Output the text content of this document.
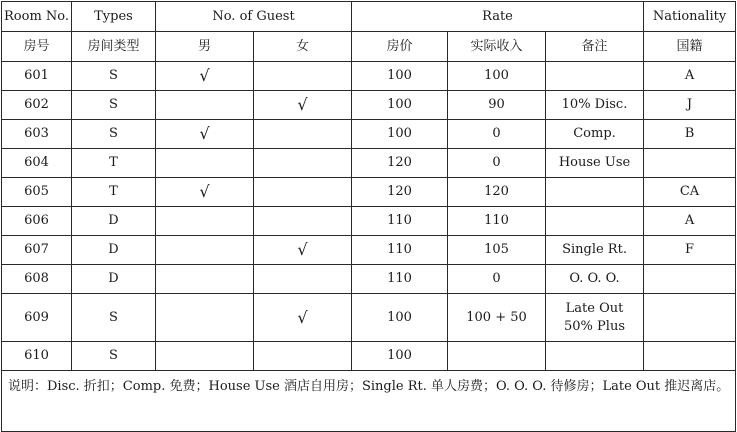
Room No.	Types	No. of Guest		Rate			Nationality
房号	房间类型	男	女	房价	实际收入	备注	国籍
601	S	√		100	100		A
602	S		√	100	90	10% Disc.	J
603	S	√		100	0	Comp.	B
604	T			120	0	House Use	
605	T	√		120	120		CA
606	D			110	110		A
607	D		√	110	105	Single Rt.	F
608	D			110	0	O. O. O.	
609	S		√	100	100 + 50	Late Out
50% Plus	

610	S			100			
说明：Disc. 折扣；Comp. 免费；House Use 酒店自用房；Single Rt. 单人房费；O. O. O. 待修房；Late Out 推迟离店。							
